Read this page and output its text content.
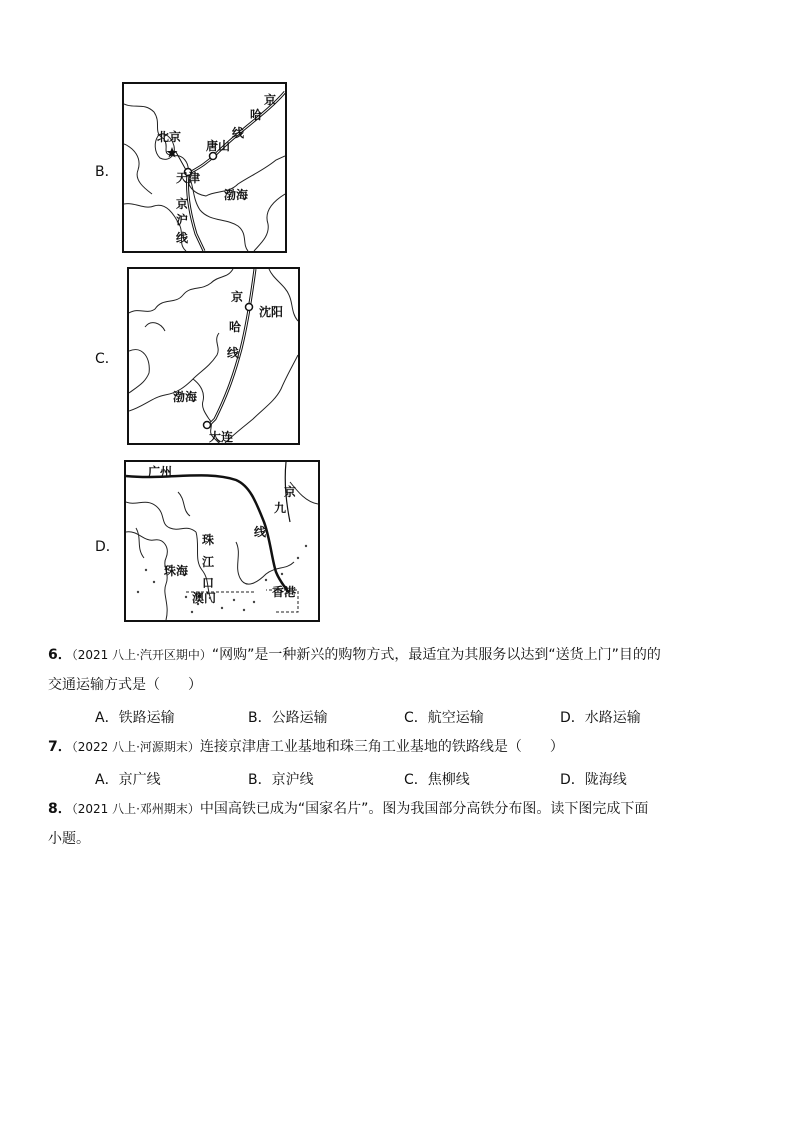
B．
北京
唐山
天津
渤海
京
哈
线
京
沪
线
C．
京
沈阳
哈
线
渤海
大连
D．
广州
京
九
线
珠
江
口
珠海
澳门	香港
6．（2021 八上·汽开区期中）“网购”是一种新兴的购物方式，最适宜为其服务以达到“送货上门”目的的
交通运输方式是（　　）
A．铁路运输	B．公路运输	C．航空运输	D．水路运输
7．（2022 八上·河源期末）连接京津唐工业基地和珠三角工业基地的铁路线是（　　）
A．京广线	B．京沪线	C．焦柳线	D．陇海线
8．（2021 八上·邓州期末）中国高铁已成为“国家名片”。图为我国部分高铁分布图。读下图完成下面
小题。
